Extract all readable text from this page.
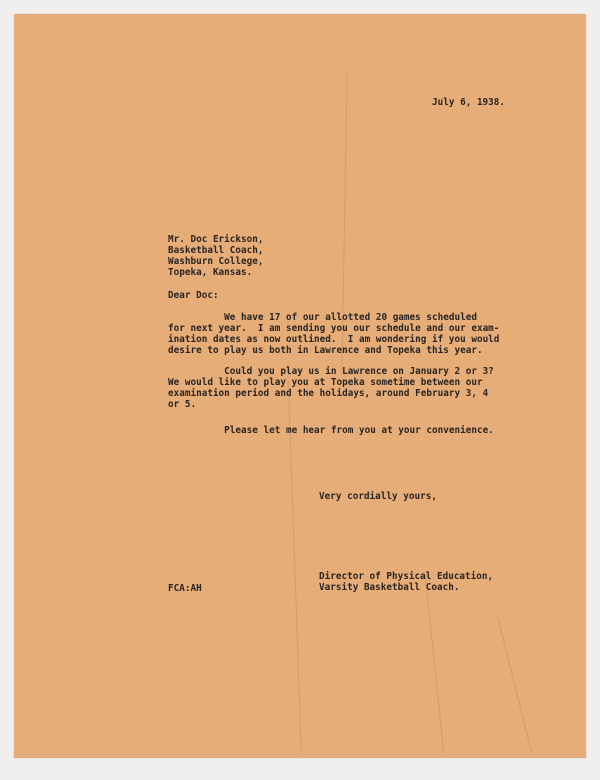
July 6, 1938.
Mr. Doc Erickson,
Basketball Coach,
Washburn College,
Topeka, Kansas.
Dear Doc:
We have 17 of our allotted 20 games scheduled
for next year.  I am sending you our schedule and our exam-
ination dates as now outlined.  I am wondering if you would
desire to play us both in Lawrence and Topeka this year.
Could you play us in Lawrence on January 2 or 3?
We would like to play you at Topeka sometime between our
examination period and the holidays, around February 3, 4
or 5.
Please let me hear from you at your convenience.
Very cordially yours,
FCA:AH
Director of Physical Education,
Varsity Basketball Coach.
